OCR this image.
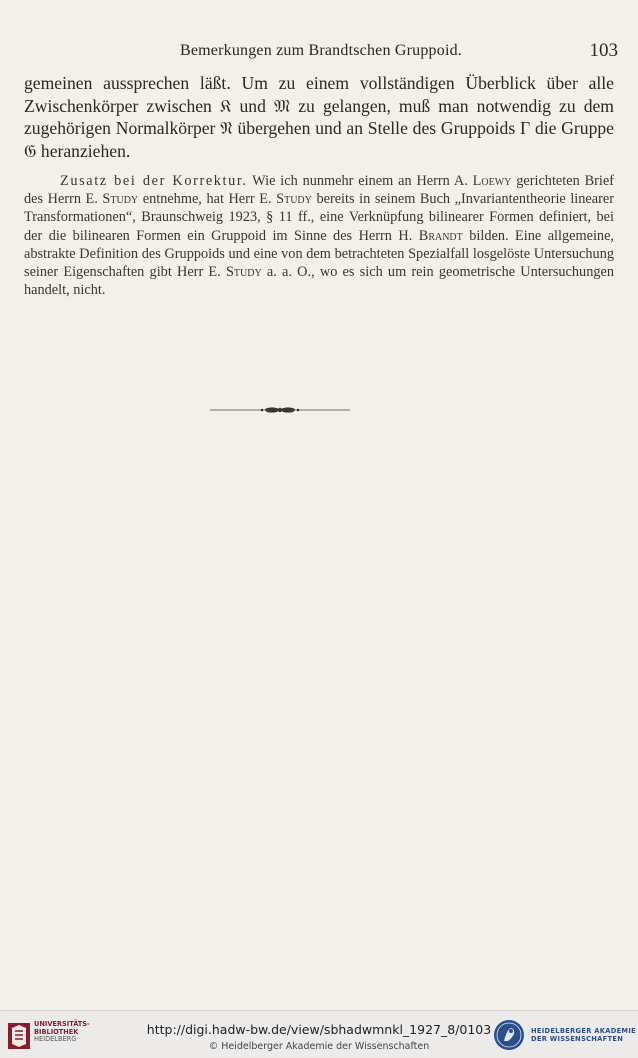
Bemerkungen zum Brandtschen Gruppoid.	103

gemeinen aussprechen läßt. Um zu einem vollständigen Überblick über alle Zwischenkörper zwischen 𝔎 und 𝔐 zu gelangen, muß man notwendig zu dem zugehörigen Normalkörper 𝔑 übergehen und an Stelle des Gruppoids Γ die Gruppe 𝔊 heranziehen.

Zusatz bei der Korrektur. Wie ich nunmehr einem an Herrn A. Loewy gerichteten Brief des Herrn E. Study entnehme, hat Herr E. Study bereits in seinem Buch „Invariantentheorie linearer Transformationen“, Braunschweig 1923, § 11 ff., eine Verknüpfung bilinearer Formen definiert, bei der die bilinearen Formen ein Gruppoid im Sinne des Herrn H. Brandt bilden. Eine allgemeine, abstrakte Definition des Gruppoids und eine von dem betrachteten Spezialfall losgelöste Untersuchung seiner Eigenschaften gibt Herr E. Study a. a. O., wo es sich um rein geometrische Untersuchungen handelt, nicht.

UNIVERSITÄTS-
BIBLIOTHEK
HEIDELBERG
http://digi.hadw-bw.de/view/sbhadwmnkl_1927_8/0103
© Heidelberger Akademie der Wissenschaften
HEIDELBERGER AKADEMIE
DER WISSENSCHAFTEN
